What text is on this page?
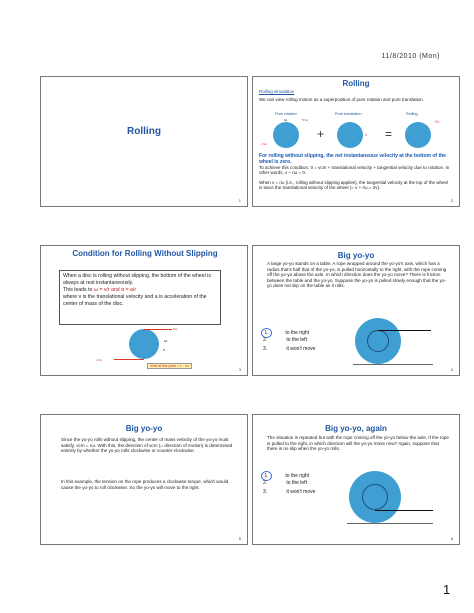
11/8/2010 (Mon)
Rolling
1
Rolling
Rolling simulation
We can view rolling motion as a superposition of pure rotation and pure translation.
Pure rotation	Pure translation	Rolling
+	=
ω	+rω
-rω
v
2v
For rolling without slipping, the net instantaneous velocity at the bottom of the wheel is zero.
To achieve this condition, 0 = vcm + translational velocity + tangential velocity due to rotation. In other words, v – rω = 0.
When v = rω (i.e., rolling without slipping applies), the tangential velocity at the top of the wheel is twice the translational velocity of the wheel (= v + rω = 2v).
2
Condition for Rolling Without Slipping
When a disc is rolling without slipping, the bottom of the wheel is always at rest instantaneously.
This leads to ω = v/r and α = a/r
where v is the translational velocity and a is acceleration of the center of mass of the disc.
rω
ω
v
-rω
Vnet at this point = v - rω
3
Big yo-yo
A large yo-yo stands on a table. A rope wrapped around the yo-yo's axis, which has a radius that's half that of the yo-yo, is pulled horizontally to the right, with the rope coming off the yo-yo above the axle. In which direction does the yo-yo move? There is friction between the table and the yo-yo. Suppose the yo-yo is pulled slowly enough that the yo-yo does not slip on the table as it rolls.
1.	to the right
2.	to the left
3.	it won't move
4
Big yo-yo
Since the yo-yo rolls without slipping, the center of mass velocity of the yo-yo must satisfy, vcm = rω. With this, the direction of vcm (= direction of motion) is determined entirely by whether the yo-yo rolls clockwise or counter-clockwise.
In this example, the tension on the rope produces a clockwise torque, which would cause the yo-yo to roll clockwise. So the yo-yo will move to the right.
5
Big yo-yo, again
The situation is repeated but with the rope coming off the yo-yo below the axle. If the rope is pulled to the right, in which direction will the yo-yo move now? Again, suppose that there is no slip when the yo-yo rolls.
1.	to the right
2.	to the left
3.	it won't move
6
1
